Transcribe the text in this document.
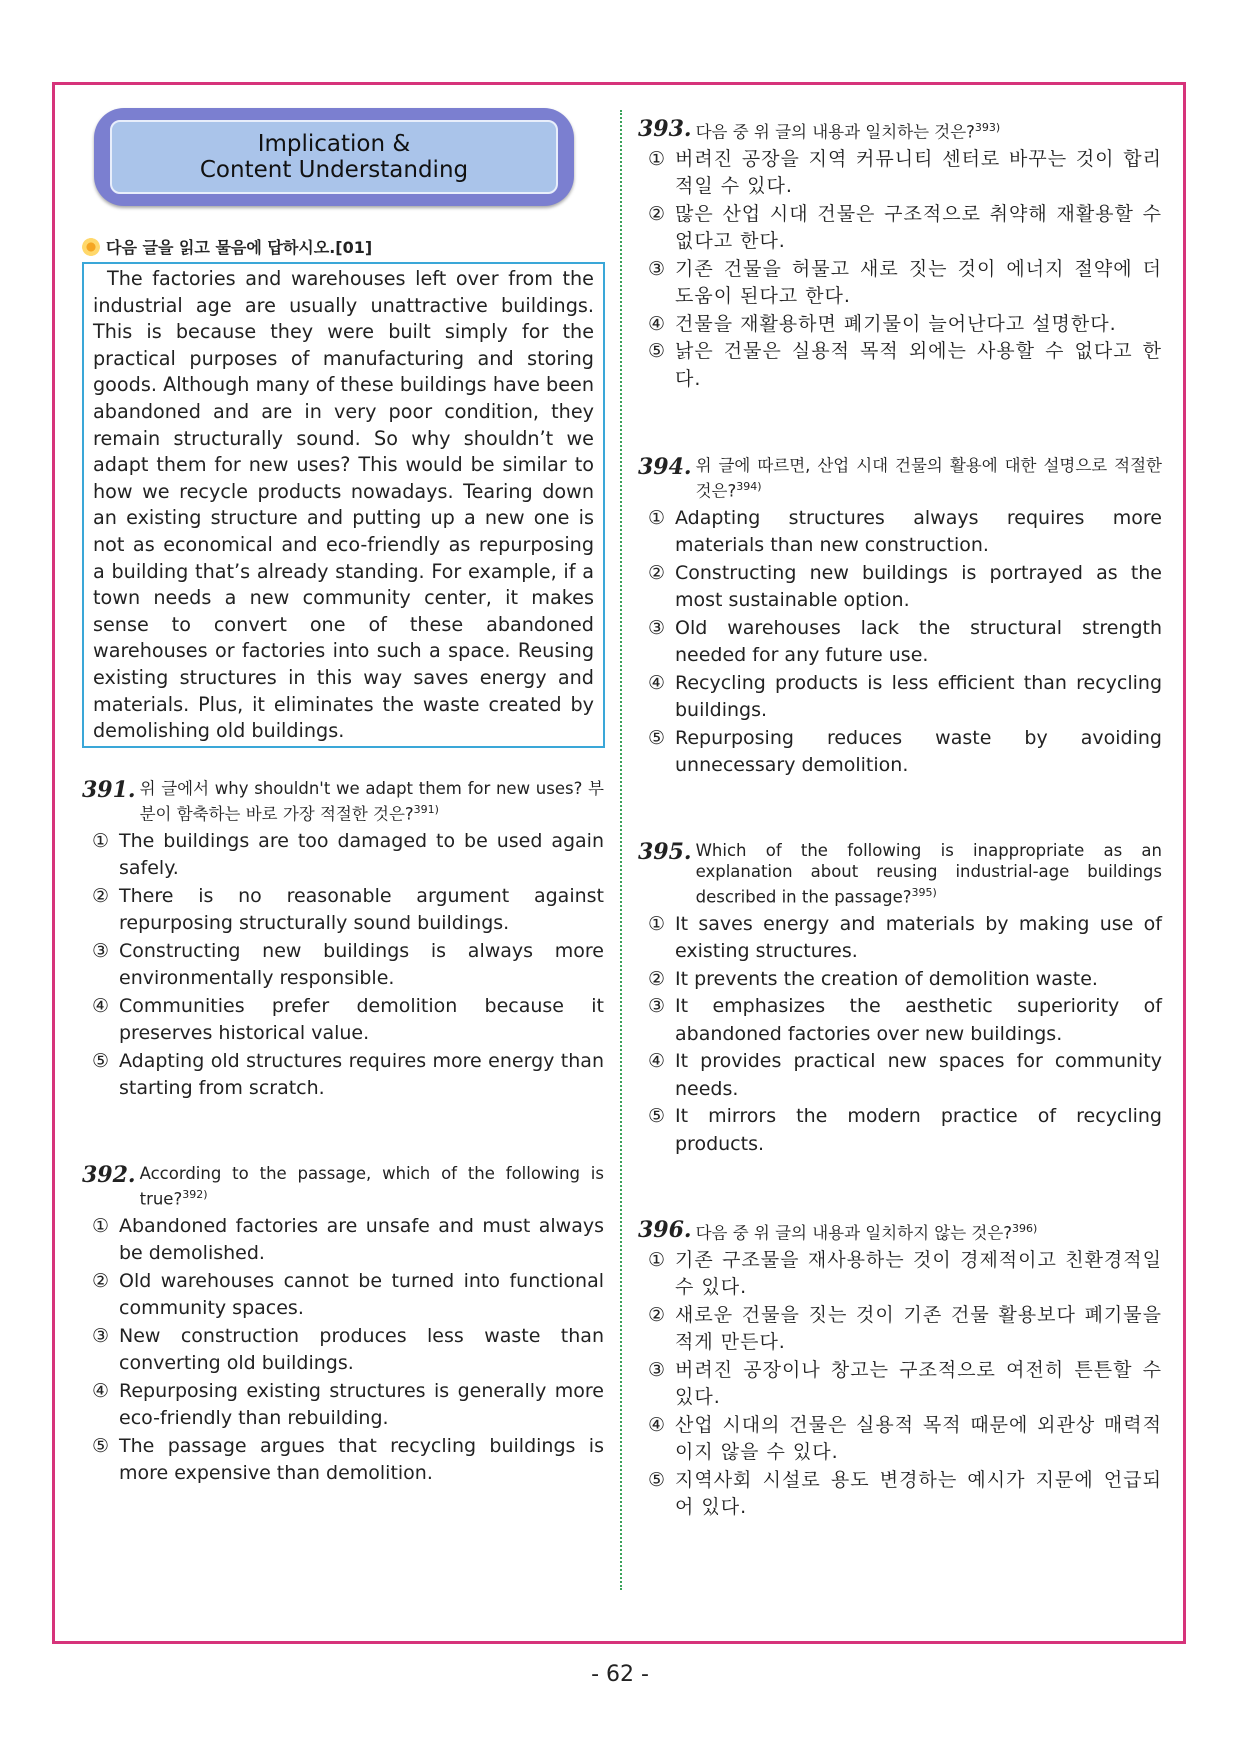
Implication &
Content Understanding
다음 글을 읽고 물음에 답하시오.[01]
The factories and warehouses left over from the industrial age are usually unattractive buildings. This is because they were built simply for the practical purposes of manufacturing and storing goods. Although many of these buildings have been abandoned and are in very poor condition, they remain structurally sound. So why shouldn’t we adapt them for new uses? This would be similar to how we recycle products nowadays. Tearing down an existing structure and putting up a new one is not as economical and eco-friendly as repurposing a building that’s already standing. For example, if a town needs a new community center, it makes sense to convert one of these abandoned warehouses or factories into such a space. Reusing existing structures in this way saves energy and materials. Plus, it eliminates the waste created by demolishing old buildings.
391. 위 글에서 why shouldn't we adapt them for new uses? 부분이 함축하는 바로 가장 적절한 것은?$^{391)}$
① The buildings are too damaged to be used again safely.
② There is no reasonable argument against repurposing structurally sound buildings.
③ Constructing new buildings is always more environmentally responsible.
④ Communities prefer demolition because it preserves historical value.
⑤ Adapting old structures requires more energy than starting from scratch.
392. According to the passage, which of the following is true?$^{392)}$
① Abandoned factories are unsafe and must always be demolished.
② Old warehouses cannot be turned into functional community spaces.
③ New construction produces less waste than converting old buildings.
④ Repurposing existing structures is generally more eco-friendly than rebuilding.
⑤ The passage argues that recycling buildings is more expensive than demolition.
393. 다음 중 위 글의 내용과 일치하는 것은?$^{393)}$
① 버려진 공장을 지역 커뮤니티 센터로 바꾸는 것이 합리적일 수 있다.
② 많은 산업 시대 건물은 구조적으로 취약해 재활용할 수 없다고 한다.
③ 기존 건물을 허물고 새로 짓는 것이 에너지 절약에 더 도움이 된다고 한다.
④ 건물을 재활용하면 폐기물이 늘어난다고 설명한다.
⑤ 낡은 건물은 실용적 목적 외에는 사용할 수 없다고 한다.
394. 위 글에 따르면, 산업 시대 건물의 활용에 대한 설명으로 적절한 것은?$^{394)}$
① Adapting structures always requires more materials than new construction.
② Constructing new buildings is portrayed as the most sustainable option.
③ Old warehouses lack the structural strength needed for any future use.
④ Recycling products is less efficient than recycling buildings.
⑤ Repurposing reduces waste by avoiding unnecessary demolition.
395. Which of the following is inappropriate as an explanation about reusing industrial-age buildings described in the passage?$^{395)}$
① It saves energy and materials by making use of existing structures.
② It prevents the creation of demolition waste.
③ It emphasizes the aesthetic superiority of abandoned factories over new buildings.
④ It provides practical new spaces for community needs.
⑤ It mirrors the modern practice of recycling products.
396. 다음 중 위 글의 내용과 일치하지 않는 것은?$^{396)}$
① 기존 구조물을 재사용하는 것이 경제적이고 친환경적일 수 있다.
② 새로운 건물을 짓는 것이 기존 건물 활용보다 폐기물을 적게 만든다.
③ 버려진 공장이나 창고는 구조적으로 여전히 튼튼할 수 있다.
④ 산업 시대의 건물은 실용적 목적 때문에 외관상 매력적이지 않을 수 있다.
⑤ 지역사회 시설로 용도 변경하는 예시가 지문에 언급되어 있다.
- 62 -
